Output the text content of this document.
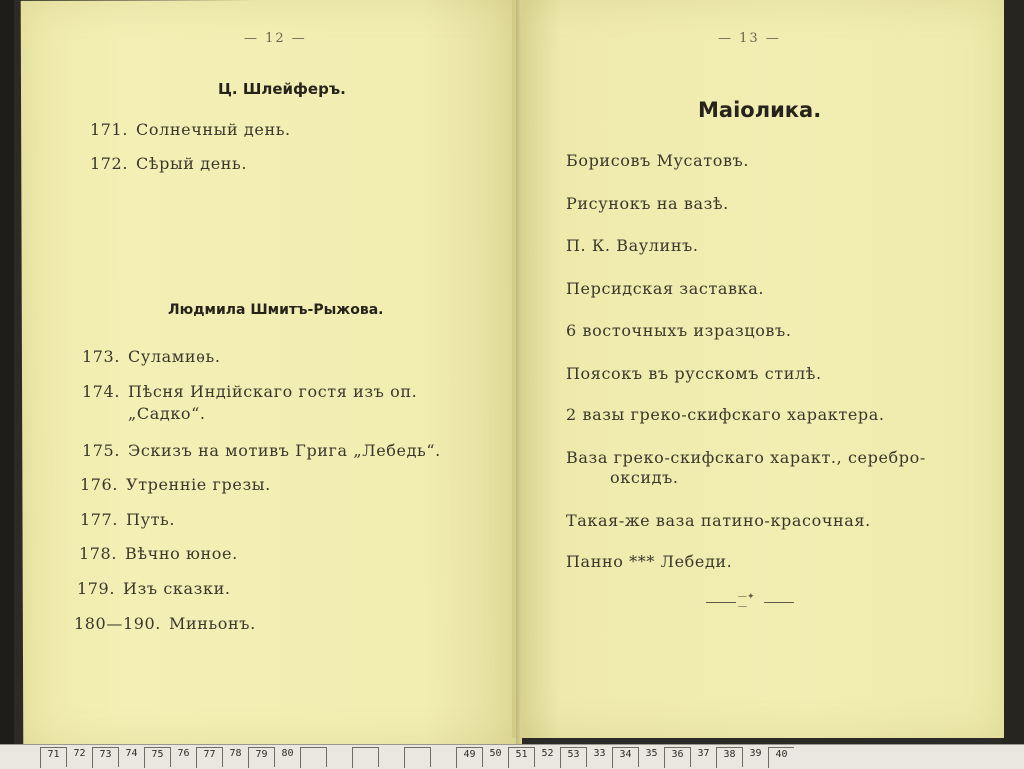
— 12 —
Ц. Шлейферъ.
171. Солнечный день.
172. Сѣрый день.
Людмила Шмитъ-Рыжова.
173. Суламиѳь.
174. Пѣсня Индійскаго гостя изъ оп.
„Садко“.
175. Эскизъ на мотивъ Грига „Лебедь“.
176. Утренніе грезы.
177. Путь.
178. Вѣчно юное.
179. Изъ сказки.
180—190. Миньонъ.
— 13 —
Маіолика.
Борисовъ Мусатовъ.
Рисунокъ на вазѣ.
П. К. Ваулинъ.
Персидская заставка.
6 восточныхъ изразцовъ.
Поясокъ въ русскомъ стилѣ.
2 вазы греко-скифскаго характера.
Ваза греко-скифскаго характ., серебро-
оксидъ.
Такая-же ваза патино-красочная.
Панно *** Лебеди.
—✦—
71	72	73	74	75	76	77	78	79	80	49	50	51	52	53	33	34	35	36	37	38	39	40
